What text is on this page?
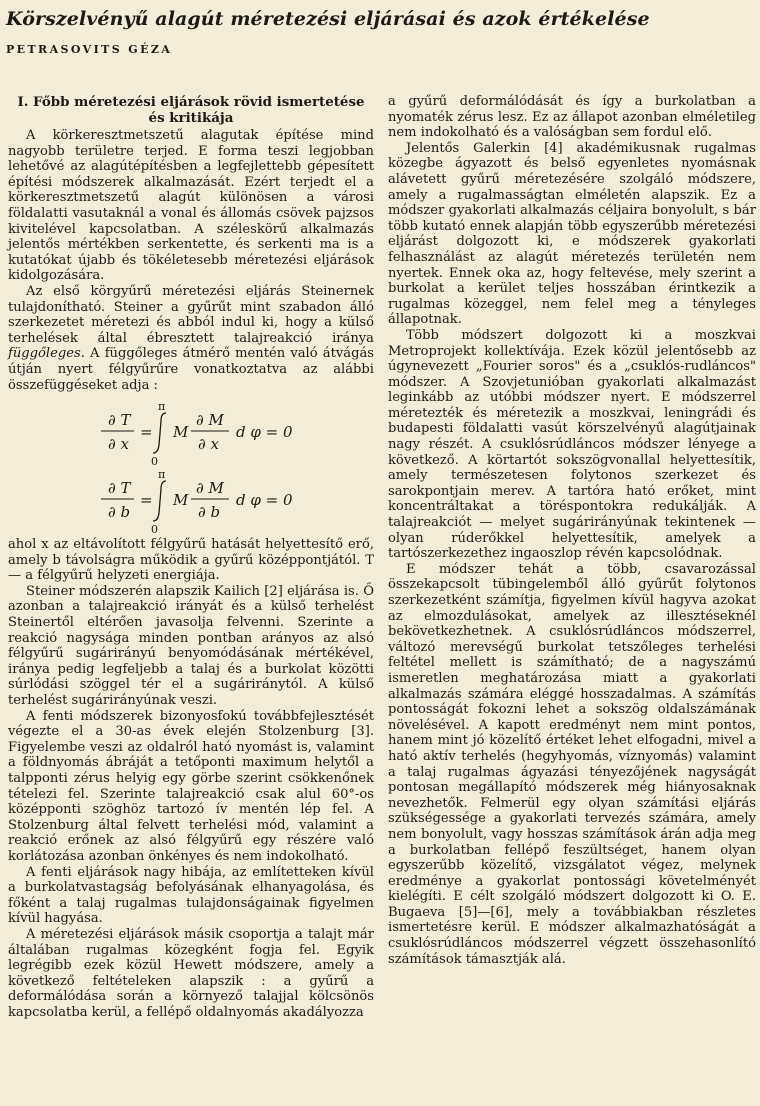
Körszelvényű alagút méretezési eljárásai és azok értékelése
PETRASOVITS GÉZA
I. Főbb méretezési eljárások rövid ismertetése
és kritikája

A körkeresztmetszetű alagutak építése mind nagyobb területre terjed. E forma teszi legjobban lehetővé az alagútépítésben a legfejlettebb gépesített építési módszerek alkalmazását. Ezért terjedt el a körkeresztmetszetű alagút különösen a városi földalatti vasutaknál a vonal és állomás csövek pajzsos kivitelével kapcsolatban. A széleskörű alkalmazás jelentős mértékben serkentette, és serkenti ma is a kutatókat újabb és tökéletesebb méretezési eljárások kidolgozására.

Az első körgyűrű méretezési eljárás Steinernek tulajdonítható. Steiner a gyűrűt mint szabadon álló szerkezetet méretezi és abból indul ki, hogy a külső terhelések által ébresztett talajreakció iránya függőleges. A függőleges átmérő mentén való átvágás útján nyert félgyűrűre vonatkoztatva az alábbi összefüggéseket adja :

∂ T
∂ x
=
π
0
M
∂ M
∂ x
d φ = 0
∂ T
∂ b
=
π
0
M
∂ M
∂ b
d φ = 0

ahol x az eltávolított félgyűrű hatását helyettesítő erő, amely b távolságra működik a gyűrű középpontjától. T — a félgyűrű helyzeti energiája.

Steiner módszerén alapszik Kailich [2] eljárása is. Ő azonban a talajreakció irányát és a külső terhelést Steinertől eltérően javasolja felvenni. Szerinte a reakció nagysága minden pontban arányos az alsó félgyűrű sugárirányú benyomódásának mértékével, iránya pedig legfeljebb a talaj és a burkolat közötti súrlódási szöggel tér el a sugáriránytól. A külső terhelést sugárirányúnak veszi.

A fenti módszerek bizonyosfokú továbbfejlesztését végezte el a 30-as évek elején Stolzenburg [3]. Figyelembe veszi az oldalról ható nyomást is, valamint a földnyomás ábráját a tetőponti maximum helytől a talpponti zérus helyig egy görbe szerint csökkenőnek tételezi fel. Szerinte talajreakció csak alul 60°-os középponti szöghöz tartozó ív mentén lép fel. A Stolzenburg által felvett terhelési mód, valamint a reakció erőnek az alsó félgyűrű egy részére való korlátozása azonban önkényes és nem indokolható.

A fenti eljárások nagy hibája, az említetteken kívül a burkolatvastagság befolyásának elhanyagolása, és főként a talaj rugalmas tulajdonságainak figyelmen kívül hagyása.

A méretezési eljárások másik csoportja a talajt már általában rugalmas közegként fogja fel. Egyik legrégibb ezek közül Hewett módszere, amely a következő feltételeken alapszik : a gyűrű a deformálódása során a környező talajjal kölcsönös kapcsolatba kerül, a fellépő oldalnyomás akadályozza

a gyűrű deformálódását és így a burkolatban a nyomaték zérus lesz. Ez az állapot azonban elméletileg nem indokolható és a valóságban sem fordul elő.

Jelentős Galerkin [4] akadémikusnak rugalmas közegbe ágyazott és belső egyenletes nyomásnak alávetett gyűrű méretezésére szolgáló módszere, amely a rugalmasságtan elméletén alapszik. Ez a módszer gyakorlati alkalmazás céljaira bonyolult, s bár több kutató ennek alapján több egyszerűbb méretezési eljárást dolgozott ki, e módszerek gyakorlati felhasználást az alagút méretezés területén nem nyertek. Ennek oka az, hogy feltevése, mely szerint a burkolat a kerület teljes hosszában érintkezik a rugalmas közeggel, nem felel meg a tényleges állapotnak.

Több módszert dolgozott ki a moszkvai Metroprojekt kollektívája. Ezek közül jelentősebb az úgynevezett „Fourier soros" és a „csuklós-rudláncos" módszer. A Szovjetunióban gyakorlati alkalmazást leginkább az utóbbi módszer nyert. E módszerrel méretezték és méretezik a moszkvai, leningrádi és budapesti földalatti vasút körszelvényű alagútjainak nagy részét. A csuklósrúdláncos módszer lényege a következő. A körtartót sokszögvonallal helyettesítik, amely természetesen folytonos szerkezet és sarokpontjain merev. A tartóra ható erőket, mint koncentráltakat a töréspontokra redukálják. A talajreakciót — melyet sugárirányúnak tekintenek — olyan rúderőkkel helyettesítik, amelyek a tartószerkezethez ingaoszlop révén kapcsolódnak.

E módszer tehát a több, csavarozással összekapcsolt tübingelemből álló gyűrűt folytonos szerkezetként számítja, figyelmen kívül hagyva azokat az elmozdulásokat, amelyek az illesztéseknél bekövetkezhetnek. A csuklósrúdláncos módszerrel, változó merevségű burkolat tetszőleges terhelési feltétel mellett is számítható; de a nagyszámú ismeretlen meghatározása miatt a gyakorlati alkalmazás számára eléggé hosszadalmas. A számítás pontosságát fokozni lehet a sokszög oldalszámának növelésével. A kapott eredményt nem mint pontos, hanem mint jó közelítő értéket lehet elfogadni, mivel a ható aktív terhelés (hegyhyomás, víznyomás) valamint a talaj rugalmas ágyazási tényezőjének nagyságát pontosan megállapító módszerek még hiányosaknak nevezhetők. Felmerül egy olyan számítási eljárás szükségessége a gyakorlati tervezés számára, amely nem bonyolult, vagy hosszas számítások árán adja meg a burkolatban fellépő feszültséget, hanem olyan egyszerűbb közelítő, vizsgálatot végez, melynek eredménye a gyakorlat pontossági követelményét kielégíti. E célt szolgáló módszert dolgozott ki O. E. Bugaeva [5]—[6], mely a továbbiakban részletes ismertetésre kerül. E módszer alkalmazhatóságát a csuklósrúdláncos módszerrel végzett összehasonlító számítások támasztják alá.
